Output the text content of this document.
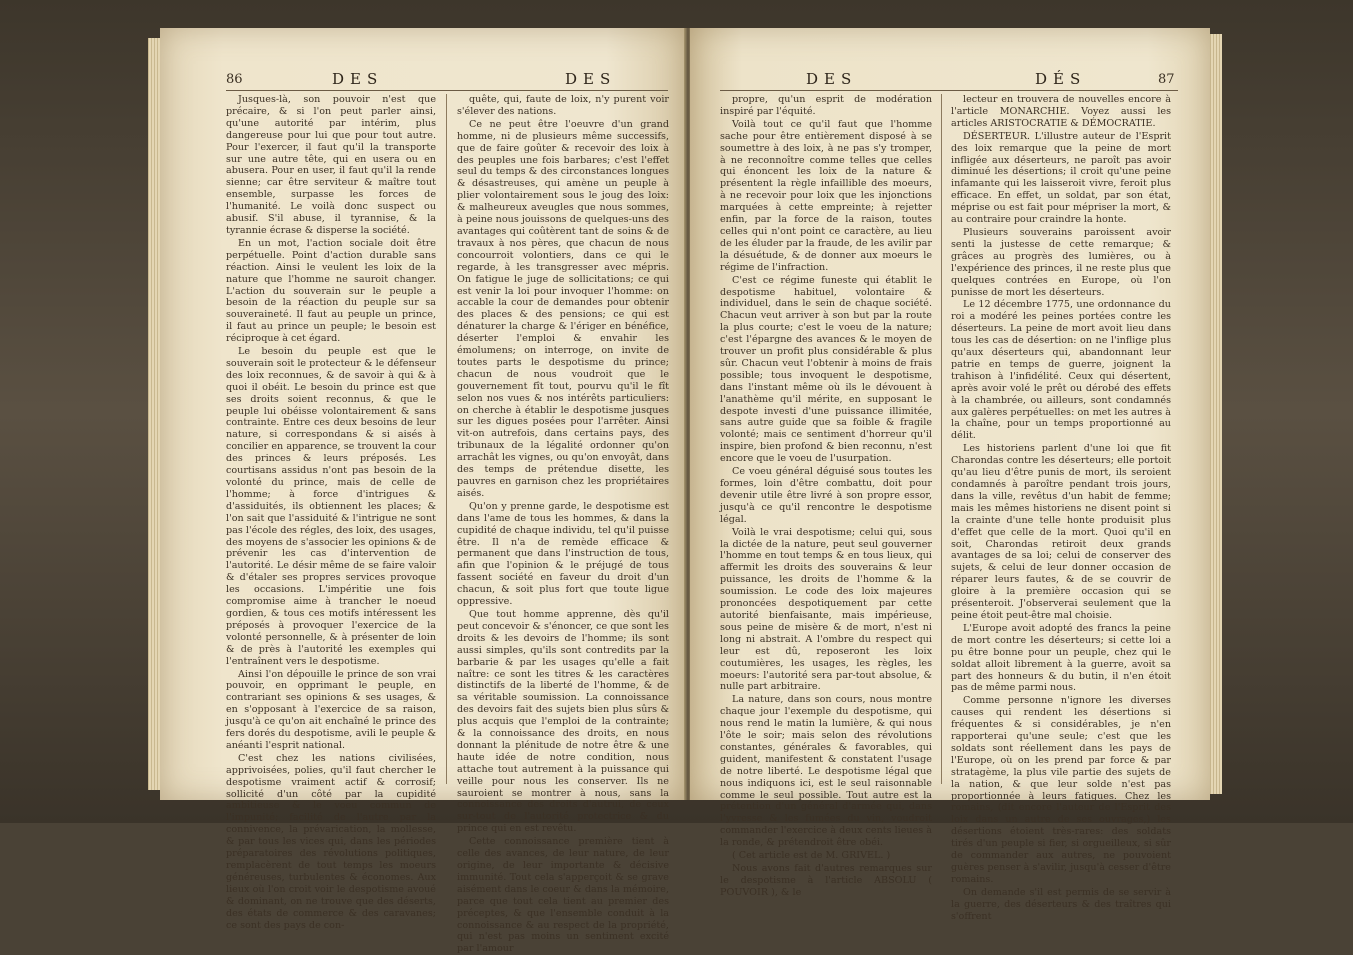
86	DES	DES

Jusques-là, son pouvoir n'est que précaire, & si l'on peut parler ainsi, qu'une autorité par intérim, plus dangereuse pour lui que pour tout autre. Pour l'exercer, il faut qu'il la transporte sur une autre tête, qui en usera ou en abusera. Pour en user, il faut qu'il la rende sienne; car être serviteur & maître tout ensemble, surpasse les forces de l'humanité. Le voilà donc suspect ou abusif. S'il abuse, il tyrannise, & la tyrannie écrase & disperse la société.

En un mot, l'action sociale doit être perpétuelle. Point d'action durable sans réaction. Ainsi le veulent les loix de la nature que l'homme ne sauroit changer. L'action du souverain sur le peuple a besoin de la réaction du peuple sur sa souveraineté. Il faut au peuple un prince, il faut au prince un peuple; le besoin est réciproque à cet égard.

Le besoin du peuple est que le souverain soit le protecteur & le défenseur des loix reconnues, & de savoir à qui & à quoi il obéit. Le besoin du prince est que ses droits soient reconnus, & que le peuple lui obéisse volontairement & sans contrainte. Entre ces deux besoins de leur nature, si correspondans & si aisés à concilier en apparence, se trouvent la cour des princes & leurs préposés. Les courtisans assidus n'ont pas besoin de la volonté du prince, mais de celle de l'homme; à force d'intrigues & d'assiduités, ils obtiennent les places; & l'on sait que l'assiduité & l'intrigue ne sont pas l'école des régles, des loix, des usages, des moyens de s'associer les opinions & de prévenir les cas d'intervention de l'autorité. Le désir même de se faire valoir & d'étaler ses propres services provoque les occasions. L'impéritie une fois compromise aime à trancher le noeud gordien, & tous ces motifs intéressent les préposés à provoquer l'exercice de la volonté personnelle, & à présenter de loin & de près à l'autorité les exemples qui l'entraînent vers le despotisme.

Ainsi l'on dépouille le prince de son vrai pouvoir, en opprimant le peuple, en contrariant ses opinions & ses usages, & en s'opposant à l'exercice de sa raison, jusqu'à ce qu'on ait enchaîné le prince des fers dorés du despotisme, avili le peuple & anéanti l'esprit national.

C'est chez les nations civilisées, apprivoisées, polies, qu'il faut chercher le despotisme vraiment actif & corrosif; sollicité d'un côté par la cupidité ambitieuse & le voeu commun de l'impunité; facilité de l'autre par la connivence, la prévarication, la mollesse, & par tous les vices qui, dans les périodes préparatoires des révolutions politiques, remplacèrent de tout temps les moeurs généreuses, turbulentes & économes. Aux lieux où l'on croit voir le despotisme avoué & dominant, on ne trouve que des déserts, des états de commerce & des caravanes; ce sont des pays de con-

quête, qui, faute de loix, n'y purent voir s'élever des nations.

Ce ne peut être l'oeuvre d'un grand homme, ni de plusieurs même successifs, que de faire goûter & recevoir des loix à des peuples une fois barbares; c'est l'effet seul du temps & des circonstances longues & désastreuses, qui amène un peuple à plier volontairement sous le joug des loix: & malheureux aveugles que nous sommes, à peine nous jouissons de quelques-uns des avantages qui coûtèrent tant de soins & de travaux à nos pères, que chacun de nous concourroit volontiers, dans ce qui le regarde, à les transgresser avec mépris. On fatigue le juge de sollicitations; ce qui est venir la loi pour invoquer l'homme: on accable la cour de demandes pour obtenir des places & des pensions; ce qui est dénaturer la charge & l'ériger en bénéfice, déserter l'emploi & envahir les émolumens; on interroge, on invite de toutes parts le despotisme du prince; chacun de nous voudroit que le gouvernement fît tout, pourvu qu'il le fît selon nos vues & nos intérêts particuliers: on cherche à établir le despotisme jusques sur les digues posées pour l'arrêter. Ainsi vit-on autrefois, dans certains pays, des tribunaux de la légalité ordonner qu'on arrachât les vignes, ou qu'on envoyât, dans des temps de prétendue disette, les pauvres en garnison chez les propriétaires aisés.

Qu'on y prenne garde, le despotisme est dans l'ame de tous les hommes, & dans la cupidité de chaque individu, tel qu'il puisse être. Il n'a de remède efficace & permanent que dans l'instruction de tous, afin que l'opinion & le préjugé de tous fassent société en faveur du droit d'un chacun, & soit plus fort que toute ligue oppressive.

Que tout homme apprenne, dès qu'il peut concevoir & s'énoncer, ce que sont les droits & les devoirs de l'homme; ils sont aussi simples, qu'ils sont contredits par la barbarie & par les usages qu'elle a fait naître: ce sont les titres & les caractères distinctifs de la liberté de l'homme, & de sa véritable soumission. La connoissance des devoirs fait des sujets bien plus sûrs & plus acquis que l'emploi de la contrainte; & la connoissance des droits, en nous donnant la plénitude de notre être & une haute idée de notre condition, nous attache tout autrement à la puissance qui veille pour nous les conserver. Ils ne sauroient se montrer à nous, sans la connoissance des droits d'autrui, de ceux sur-tout de l'autorité protectrice & du prince qui en est revêtu.

Cette connoissance première tient à celle des avances, de leur nature, de leur origine, de leur importante & décisive immunité. Tout cela s'apperçoit & se grave aisément dans le coeur & dans la mémoire, parce que tout cela tient au premier des préceptes, & que l'ensemble conduit à la connoissance & au respect de la propriété, qui n'est pas moins un sentiment excité par l'amour

DES	DÉS	87

propre, qu'un esprit de modération inspiré par l'équité.

Voilà tout ce qu'il faut que l'homme sache pour être entièrement disposé à se soumettre à des loix, à ne pas s'y tromper, à ne reconnoître comme telles que celles qui énoncent les loix de la nature & présentent la règle infaillible des moeurs, à ne recevoir pour loix que les injonctions marquées à cette empreinte; à rejetter enfin, par la force de la raison, toutes celles qui n'ont point ce caractère, au lieu de les éluder par la fraude, de les avilir par la désuétude, & de donner aux moeurs le régime de l'infraction.

C'est ce régime funeste qui établit le despotisme habituel, volontaire & individuel, dans le sein de chaque société. Chacun veut arriver à son but par la route la plus courte; c'est le voeu de la nature; c'est l'épargne des avances & le moyen de trouver un profit plus considérable & plus sûr. Chacun veut l'obtenir à moins de frais possible; tous invoquent le despotisme, dans l'instant même où ils le dévouent à l'anathème qu'il mérite, en supposant le despote investi d'une puissance illimitée, sans autre guide que sa foible & fragile volonté; mais ce sentiment d'horreur qu'il inspire, bien profond & bien reconnu, n'est encore que le voeu de l'usurpation.

Ce voeu général déguisé sous toutes les formes, loin d'être combattu, doit pour devenir utile être livré à son propre essor, jusqu'à ce qu'il rencontre le despotisme légal.

Voilà le vrai despotisme; celui qui, sous la dictée de la nature, peut seul gouverner l'homme en tout temps & en tous lieux, qui affermit les droits des souverains & leur puissance, les droits de l'homme & la soumission. Le code des loix majeures prononcées despotiquement par cette autorité bienfaisante, mais impérieuse, sous peine de misère & de mort, n'est ni long ni abstrait. A l'ombre du respect qui leur est dû, reposeront les loix coutumières, les usages, les règles, les moeurs: l'autorité sera par-tout absolue, & nulle part arbitraire.

La nature, dans son cours, nous montre chaque jour l'exemple du despotisme, qui nous rend le matin la lumière, & qui nous l'ôte le soir; mais selon des révolutions constantes, générales & favorables, qui guident, manifestent & constatent l'usage de notre liberté. Le despotisme légal que nous indiquons ici, est le seul raisonnable comme le seul possible. Tout autre est la prétention d'un général d'armée qui, dans l'yvresse & les fumées du vin, voudroit commander l'exercice à deux cents lieues à la ronde, & prétendroit être obéi.

( Cet article est de M. GRIVEL. )

Nous avons fait d'autres remarques sur le despotisme à l'article ABSOLU ( POUVOIR ), & le

lecteur en trouvera de nouvelles encore à l'article MONARCHIE. Voyez aussi les articles ARISTOCRATIE & DÉMOCRATIE.

DÉSERTEUR. L'illustre auteur de l'Esprit des loix remarque que la peine de mort infligée aux déserteurs, ne paroît pas avoir diminué les désertions; il croit qu'une peine infamante qui les laisseroit vivre, feroit plus efficace. En effet, un soldat, par son état, méprise ou est fait pour mépriser la mort, & au contraire pour craindre la honte.

Plusieurs souverains paroissent avoir senti la justesse de cette remarque; & grâces au progrès des lumières, ou à l'expérience des princes, il ne reste plus que quelques contrées en Europe, où l'on punisse de mort les déserteurs.

Le 12 décembre 1775, une ordonnance du roi a modéré les peines portées contre les déserteurs. La peine de mort avoit lieu dans tous les cas de désertion: on ne l'inflige plus qu'aux déserteurs qui, abandonnant leur patrie en temps de guerre, joignent la trahison à l'infidélité. Ceux qui désertent, après avoir volé le prêt ou dérobé des effets à la chambrée, ou ailleurs, sont condamnés aux galères perpétuelles: on met les autres à la chaîne, pour un temps proportionné au délit.

Les historiens parlent d'une loi que fit Charondas contre les déserteurs; elle portoit qu'au lieu d'être punis de mort, ils seroient condamnés à paroître pendant trois jours, dans la ville, revêtus d'un habit de femme; mais les mêmes historiens ne disent point si la crainte d'une telle honte produisit plus d'effet que celle de la mort. Quoi qu'il en soit, Charondas retiroit deux grands avantages de sa loi; celui de conserver des sujets, & celui de leur donner occasion de réparer leurs fautes, & de se couvrir de gloire à la première occasion qui se présenteroit. J'observerai seulement que la peine étoit peut-être mal choisie.

L'Europe avoit adopté des francs la peine de mort contre les déserteurs; si cette loi a pu être bonne pour un peuple, chez qui le soldat alloit librement à la guerre, avoit sa part des honneurs & du butin, il n'en étoit pas de même parmi nous.

Comme personne n'ignore les diverses causes qui rendent les désertions si fréquentes & si considérables, je n'en rapporterai qu'une seule; c'est que les soldats sont réellement dans les pays de l'Europe, où on les prend par force & par stratagème, la plus vile partie des sujets de la nation, & que leur solde n'est pas proportionnée à leurs fatigues. Chez les romains, (dit encore l'auteur de l'Esprit des loix dans un autre de ses ouvrages,) les désertions étoient très-rares: des soldats tirés d'un peuple si fier, si orgueilleux, si sûr de commander aux autres, ne pouvoient guères penser à s'avilir, jusqu'à cesser d'être romains.

On demande s'il est permis de se servir à la guerre, des déserteurs & des traîtres qui s'offrent
